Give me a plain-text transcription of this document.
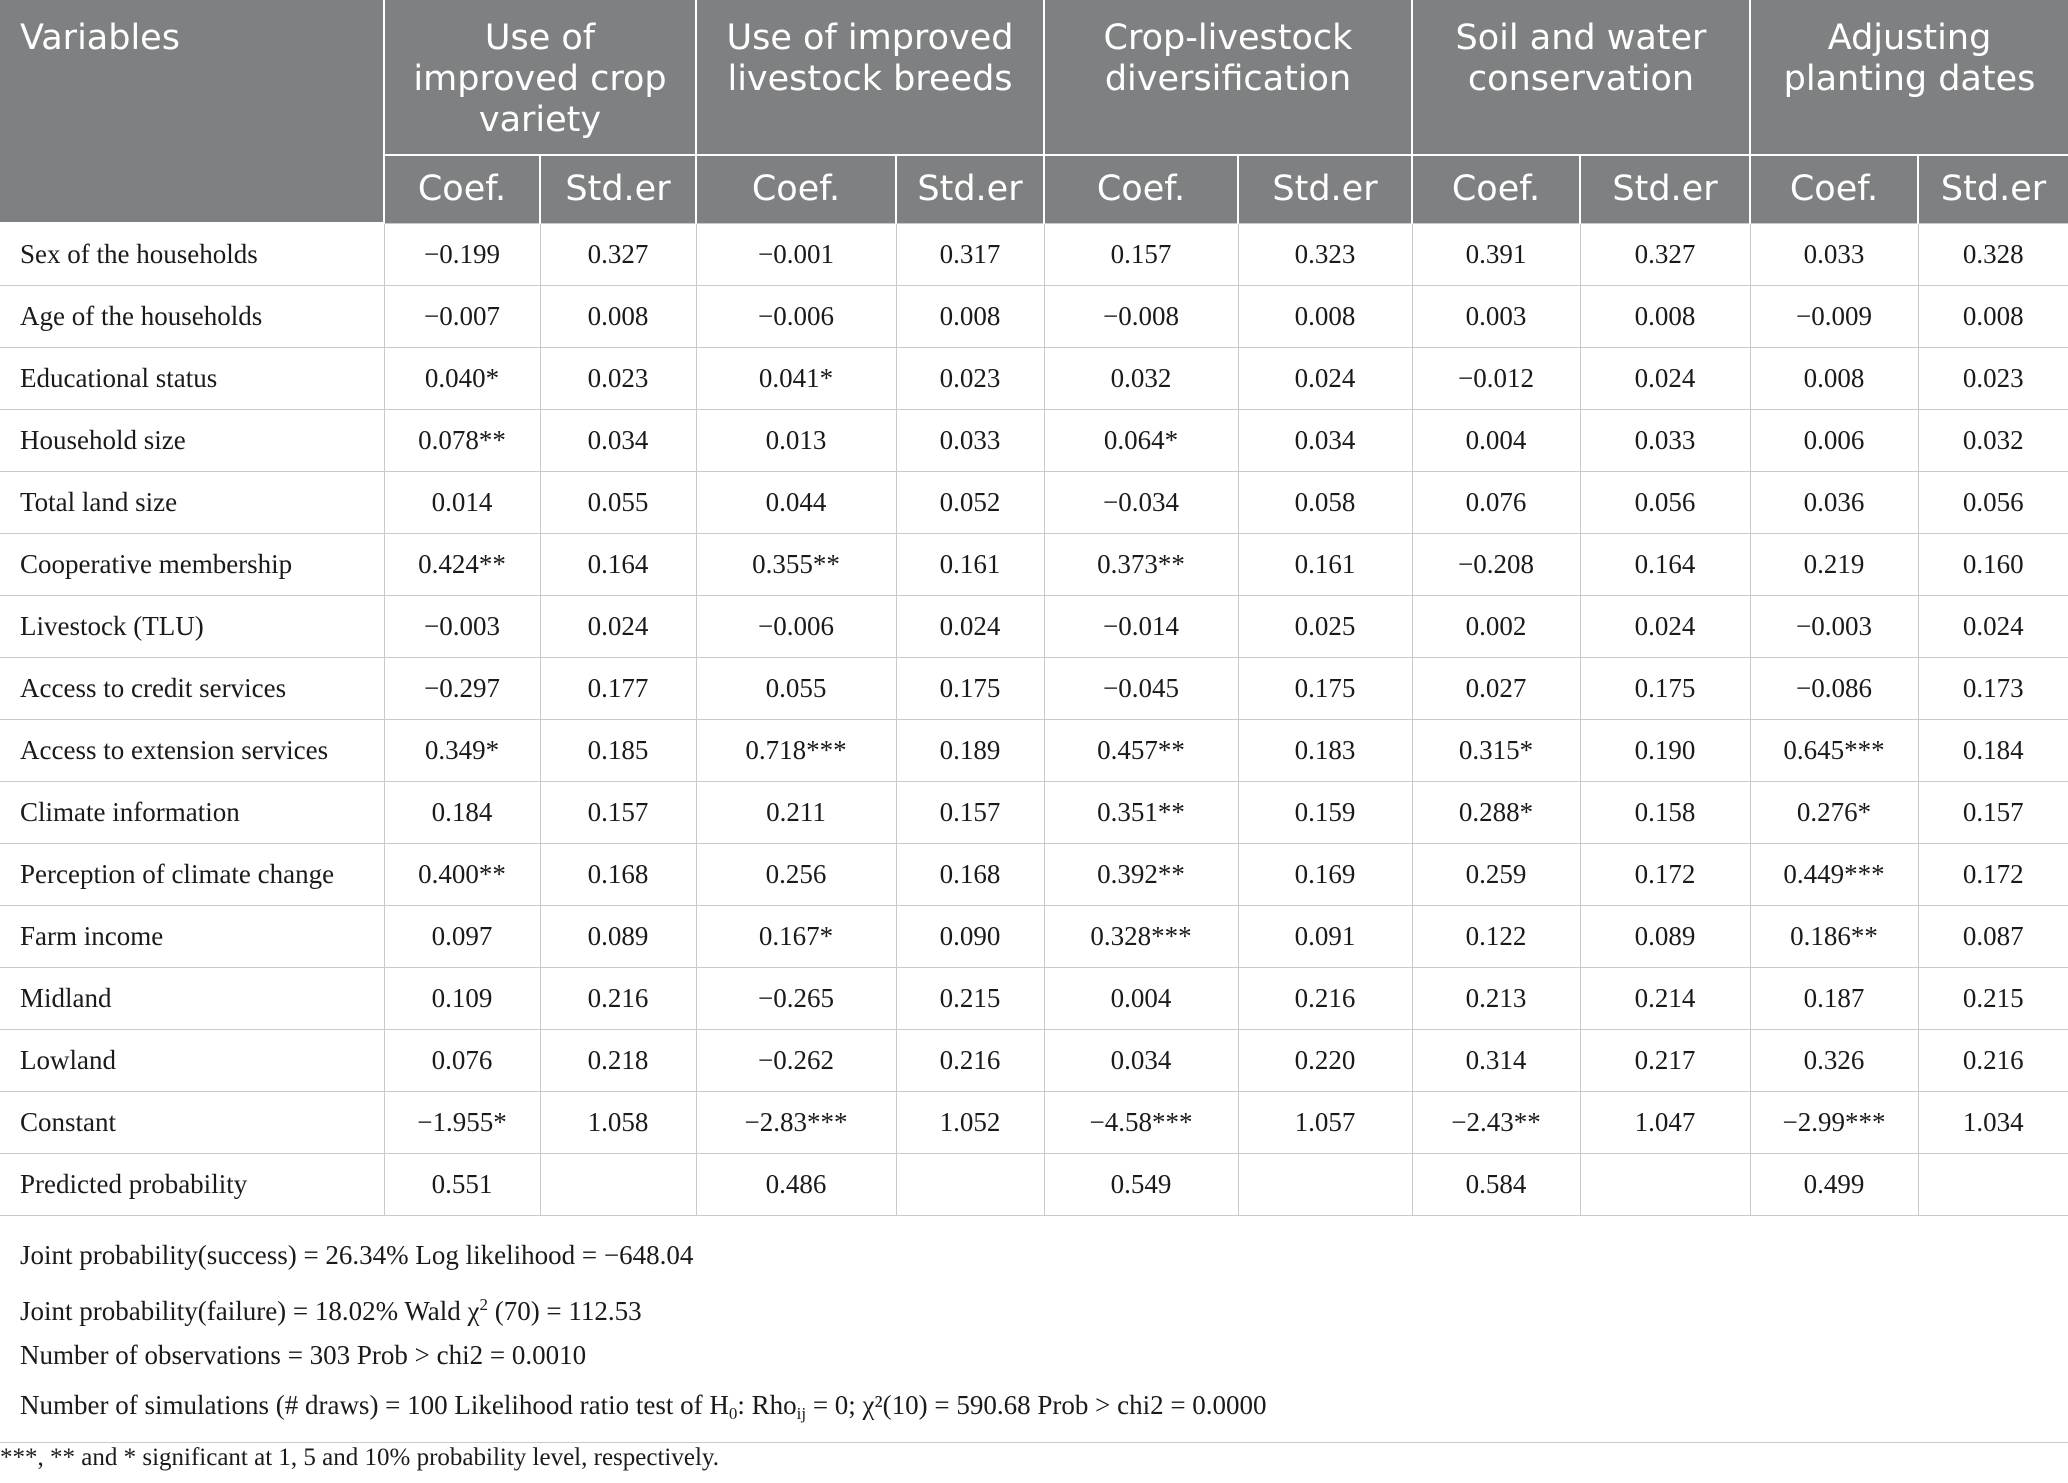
Variables	Use of improved crop variety		Use of improved livestock breeds		Crop-livestock diversification		Soil and water conservation		Adjusting planting dates	
	Coef.	Std.er	Coef.	Std.er	Coef.	Std.er	Coef.	Std.er	Coef.	Std.er
Sex of the households	−0.199	0.327	−0.001	0.317	0.157	0.323	0.391	0.327	0.033	0.328
Age of the households	−0.007	0.008	−0.006	0.008	−0.008	0.008	0.003	0.008	−0.009	0.008
Educational status	0.040*	0.023	0.041*	0.023	0.032	0.024	−0.012	0.024	0.008	0.023
Household size	0.078**	0.034	0.013	0.033	0.064*	0.034	0.004	0.033	0.006	0.032
Total land size	0.014	0.055	0.044	0.052	−0.034	0.058	0.076	0.056	0.036	0.056
Cooperative membership	0.424**	0.164	0.355**	0.161	0.373**	0.161	−0.208	0.164	0.219	0.160
Livestock (TLU)	−0.003	0.024	−0.006	0.024	−0.014	0.025	0.002	0.024	−0.003	0.024
Access to credit services	−0.297	0.177	0.055	0.175	−0.045	0.175	0.027	0.175	−0.086	0.173
Access to extension services	0.349*	0.185	0.718***	0.189	0.457**	0.183	0.315*	0.190	0.645***	0.184
Climate information	0.184	0.157	0.211	0.157	0.351**	0.159	0.288*	0.158	0.276*	0.157
Perception of climate change	0.400**	0.168	0.256	0.168	0.392**	0.169	0.259	0.172	0.449***	0.172
Farm income	0.097	0.089	0.167*	0.090	0.328***	0.091	0.122	0.089	0.186**	0.087
Midland	0.109	0.216	−0.265	0.215	0.004	0.216	0.213	0.214	0.187	0.215
Lowland	0.076	0.218	−0.262	0.216	0.034	0.220	0.314	0.217	0.326	0.216
Constant	−1.955*	1.058	−2.83***	1.052	−4.58***	1.057	−2.43**	1.047	−2.99***	1.034
Predicted probability	0.551		0.486		0.549		0.584		0.499	

Joint probability(success) = 26.34% Log likelihood = −648.04
Joint probability(failure) = 18.02% Wald $\chi^2$ (70) = 112.53
Number of observations = 303 Prob > chi2 = 0.0010
Number of simulations (# draws) = 100 Likelihood ratio test of $H_0$: Rho$_{ij}$ = 0; χ²(10) = 590.68 Prob > chi2 = 0.0000										
***, ** and * significant at 1, 5 and 10% probability level, respectively.
